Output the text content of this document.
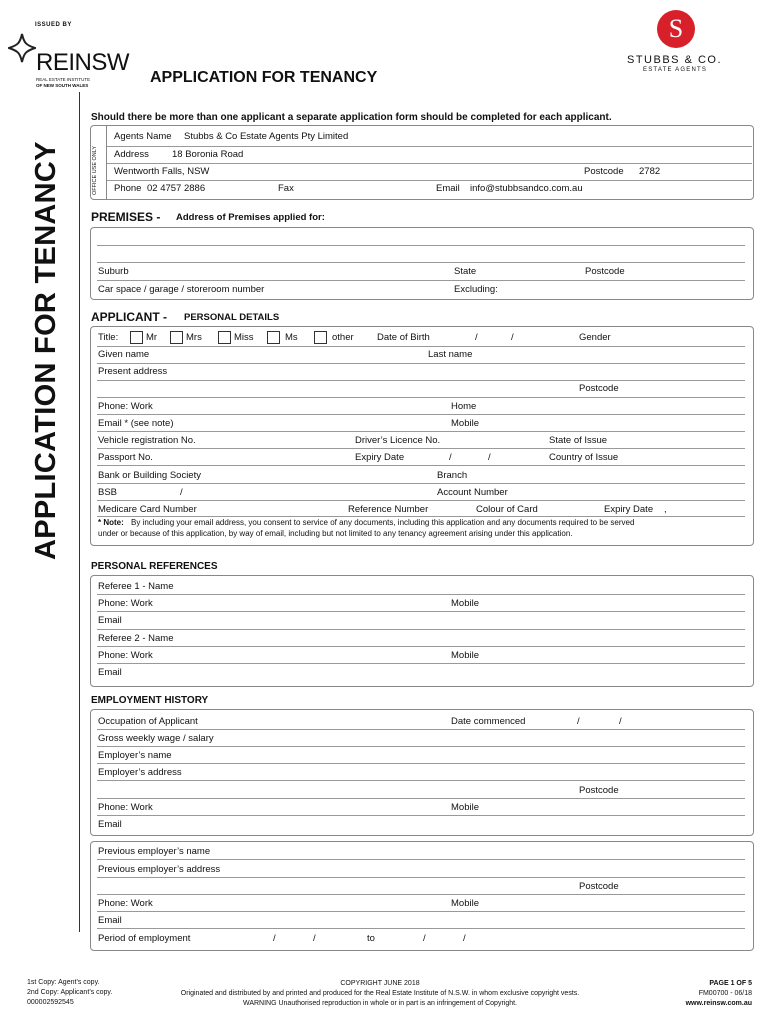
ISSUED BY
REINSW
REAL ESTATE INSTITUTE
OF NEW SOUTH WALES	APPLICATION FOR TENANCY
S
STUBBS & CO.
ESTATE AGENTS
APPLICATION FOR TENANCY
Should there be more than one applicant a separate application form should be completed for each applicant.
OFFICE USE ONLY
Agents Name Stubbs & Co Estate Agents Pty Limited
Address 18 Boronia Road
Wentworth Falls, NSW	Postcode 2782
Phone 02 4757 2886	Fax	Email info@stubbsandco.com.au
PREMISES - Address of Premises applied for:
Suburb	State	Postcode
Car space / garage / storeroom number	Excluding:
APPLICANT - PERSONAL DETAILS
Title:	Mr	Mrs	Miss	Ms	other Date of Birth	/	/	Gender
Given name	Last name
Present address
Postcode
Phone: Work	Home
Email * (see note)	Mobile
Vehicle registration No.	Driver’s Licence No.	State of Issue
Passport No.	Expiry Date	/	/	Country of Issue
Bank or Building Society	Branch
BSB	/	Account Number
Medicare Card Number	Reference Number	Colour of Card	Expiry Date ,
* Note: By including your email address, you consent to service of any documents, including this application and any documents required to be served
under or because of this application, by way of email, including but not limited to any tenancy agreement arising under this application.
PERSONAL REFERENCES
Referee 1 - Name
Phone: Work	Mobile
Email
Referee 2 - Name
Phone: Work	Mobile
Email
EMPLOYMENT HISTORY
Occupation of Applicant	Date commenced	/	/
Gross weekly wage / salary
Employer’s name
Employer’s address
Postcode
Phone: Work	Mobile
Email
Previous employer’s name
Previous employer’s address
Postcode
Phone: Work	Mobile
Email
Period of employment	/	/	to	/	/
1st Copy: Agent’s copy.
2nd Copy: Applicant’s copy.
000002592545
COPYRIGHT JUNE 2018
Originated and distributed by and printed and produced for the Real Estate Institute of N.S.W. in whom exclusive copyright vests.
WARNING Unauthorised reproduction in whole or in part is an infringement of Copyright.
PAGE 1 OF 5
FM00700 - 06/18
www.reinsw.com.au
